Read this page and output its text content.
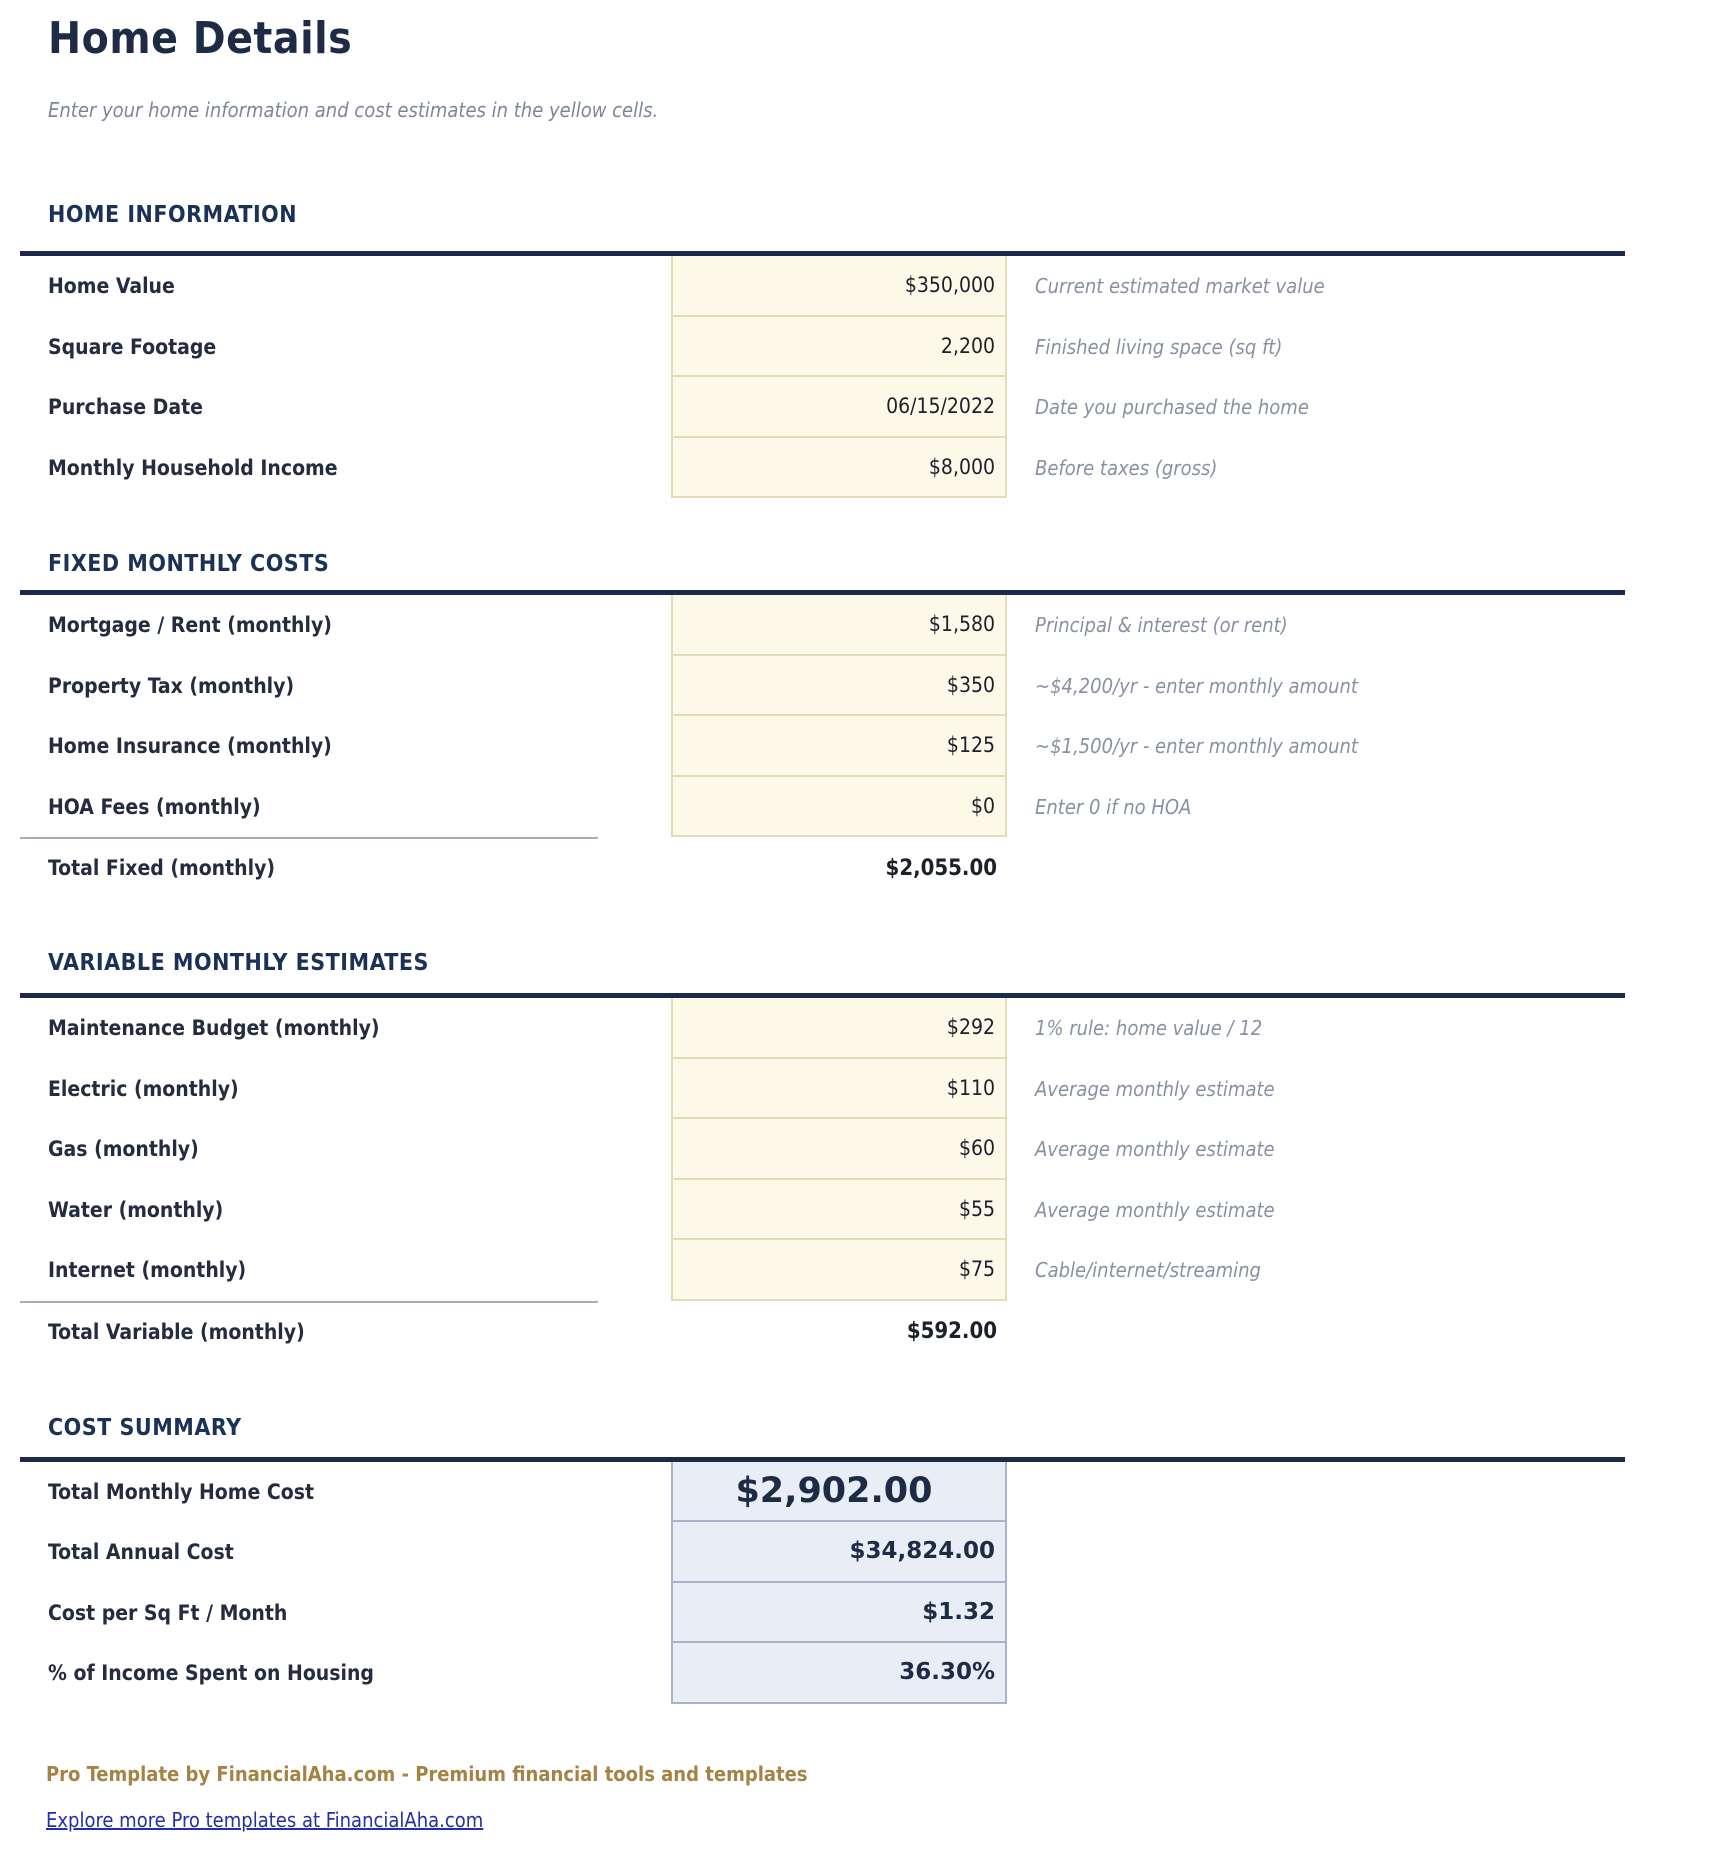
Home Details
Enter your home information and cost estimates in the yellow cells.
HOME INFORMATION
Home Value	$350,000	Current estimated market value
Square Footage	2,200	Finished living space (sq ft)
Purchase Date	06/15/2022	Date you purchased the home
Monthly Household Income	$8,000	Before taxes (gross)
FIXED MONTHLY COSTS
Mortgage / Rent (monthly)	$1,580	Principal & interest (or rent)
Property Tax (monthly)	$350	~$4,200/yr - enter monthly amount
Home Insurance (monthly)	$125	~$1,500/yr - enter monthly amount
HOA Fees (monthly)	$0	Enter 0 if no HOA
Total Fixed (monthly)	$2,055.00
VARIABLE MONTHLY ESTIMATES
Maintenance Budget (monthly)	$292	1% rule: home value / 12
Electric (monthly)	$110	Average monthly estimate
Gas (monthly)	$60	Average monthly estimate
Water (monthly)	$55	Average monthly estimate
Internet (monthly)	$75	Cable/internet/streaming
Total Variable (monthly)	$592.00
COST SUMMARY
Total Monthly Home Cost	$2,902.00
Total Annual Cost	$34,824.00
Cost per Sq Ft / Month	$1.32
% of Income Spent on Housing	36.30%
Pro Template by FinancialAha.com - Premium financial tools and templates
Explore more Pro templates at FinancialAha.com
